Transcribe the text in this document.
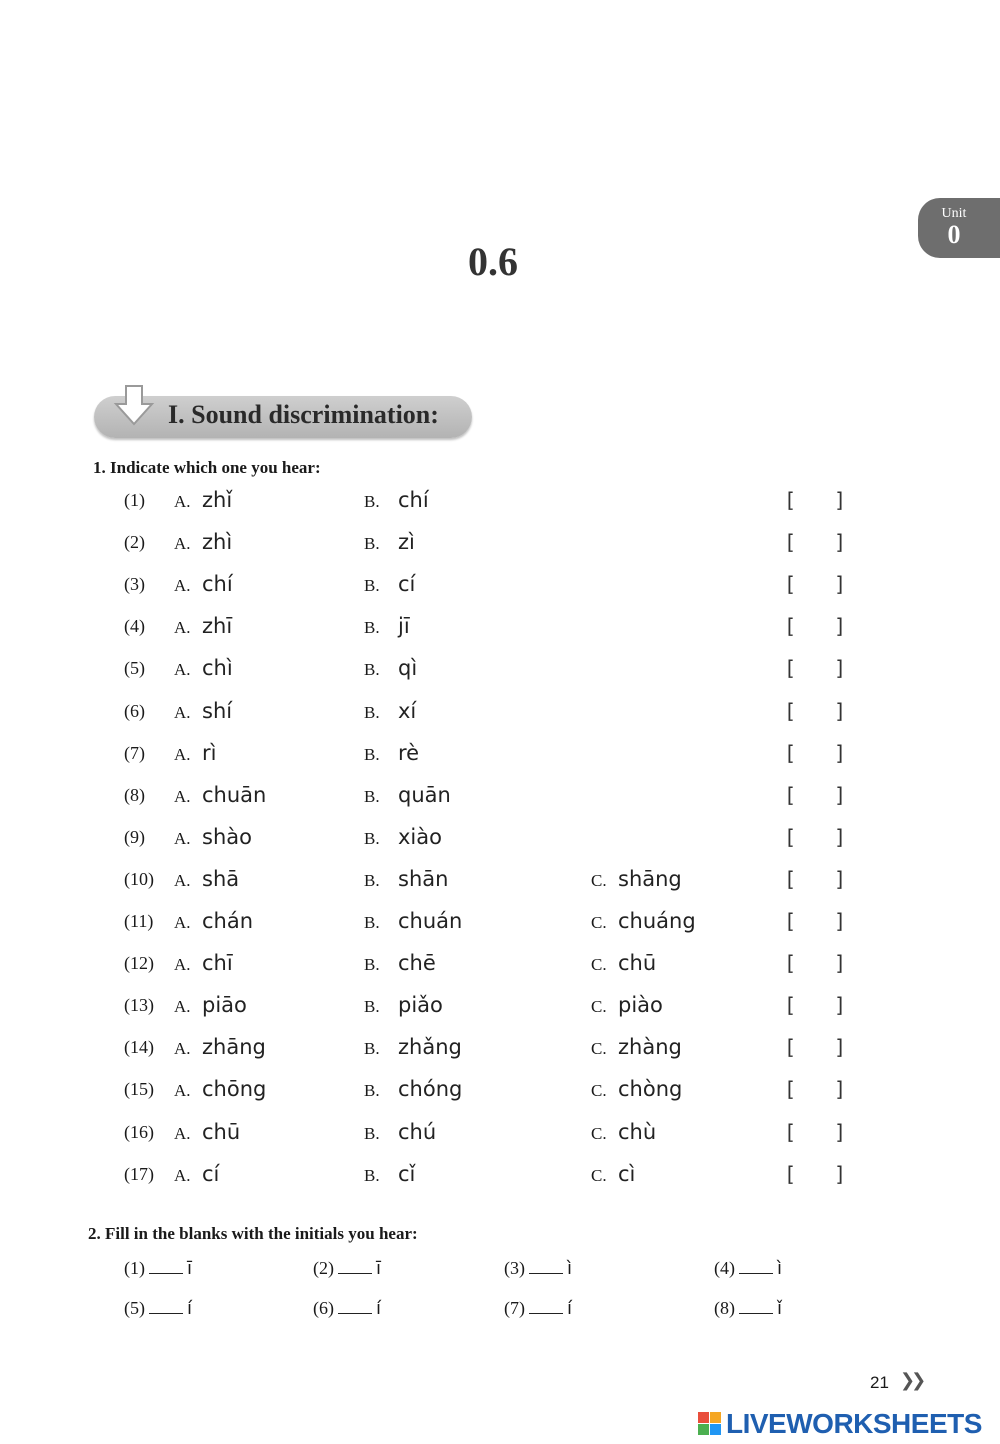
Unit
0
0.6
I. Sound discrimination:
1. Indicate which one you hear:
(1) A. zhǐ	B. chí	[ ]
(2) A. zhì	B. zì	[ ]
(3) A. chí	B. cí	[ ]
(4) A. zhī	B. jī	[ ]
(5) A. chì	B. qì	[ ]
(6) A. shí	B. xí	[ ]
(7) A. rì	B. rè	[ ]
(8) A. chuān	B. quān	[ ]
(9) A. shào	B. xiào	[ ]
(10) A. shā	B. shān	C. shāng	[ ]
(11) A. chán	B. chuán	C. chuáng	[ ]
(12) A. chī	B. chē	C. chū	[ ]
(13) A. piāo	B. piǎo	C. piào	[ ]
(14) A. zhāng	B. zhǎng	C. zhàng	[ ]
(15) A. chōng	B. chóng	C. chòng	[ ]
(16) A. chū	B. chú	C. chù	[ ]
(17) A. cí	B. cǐ	C. cì	[ ]
2. Fill in the blanks with the initials you hear:
(1) ī	(2) ī	(3) ì	(4) ì
(5) í	(6) í	(7) í	(8) ǐ
21 ❯❯
LIVEWORKSHEETS
